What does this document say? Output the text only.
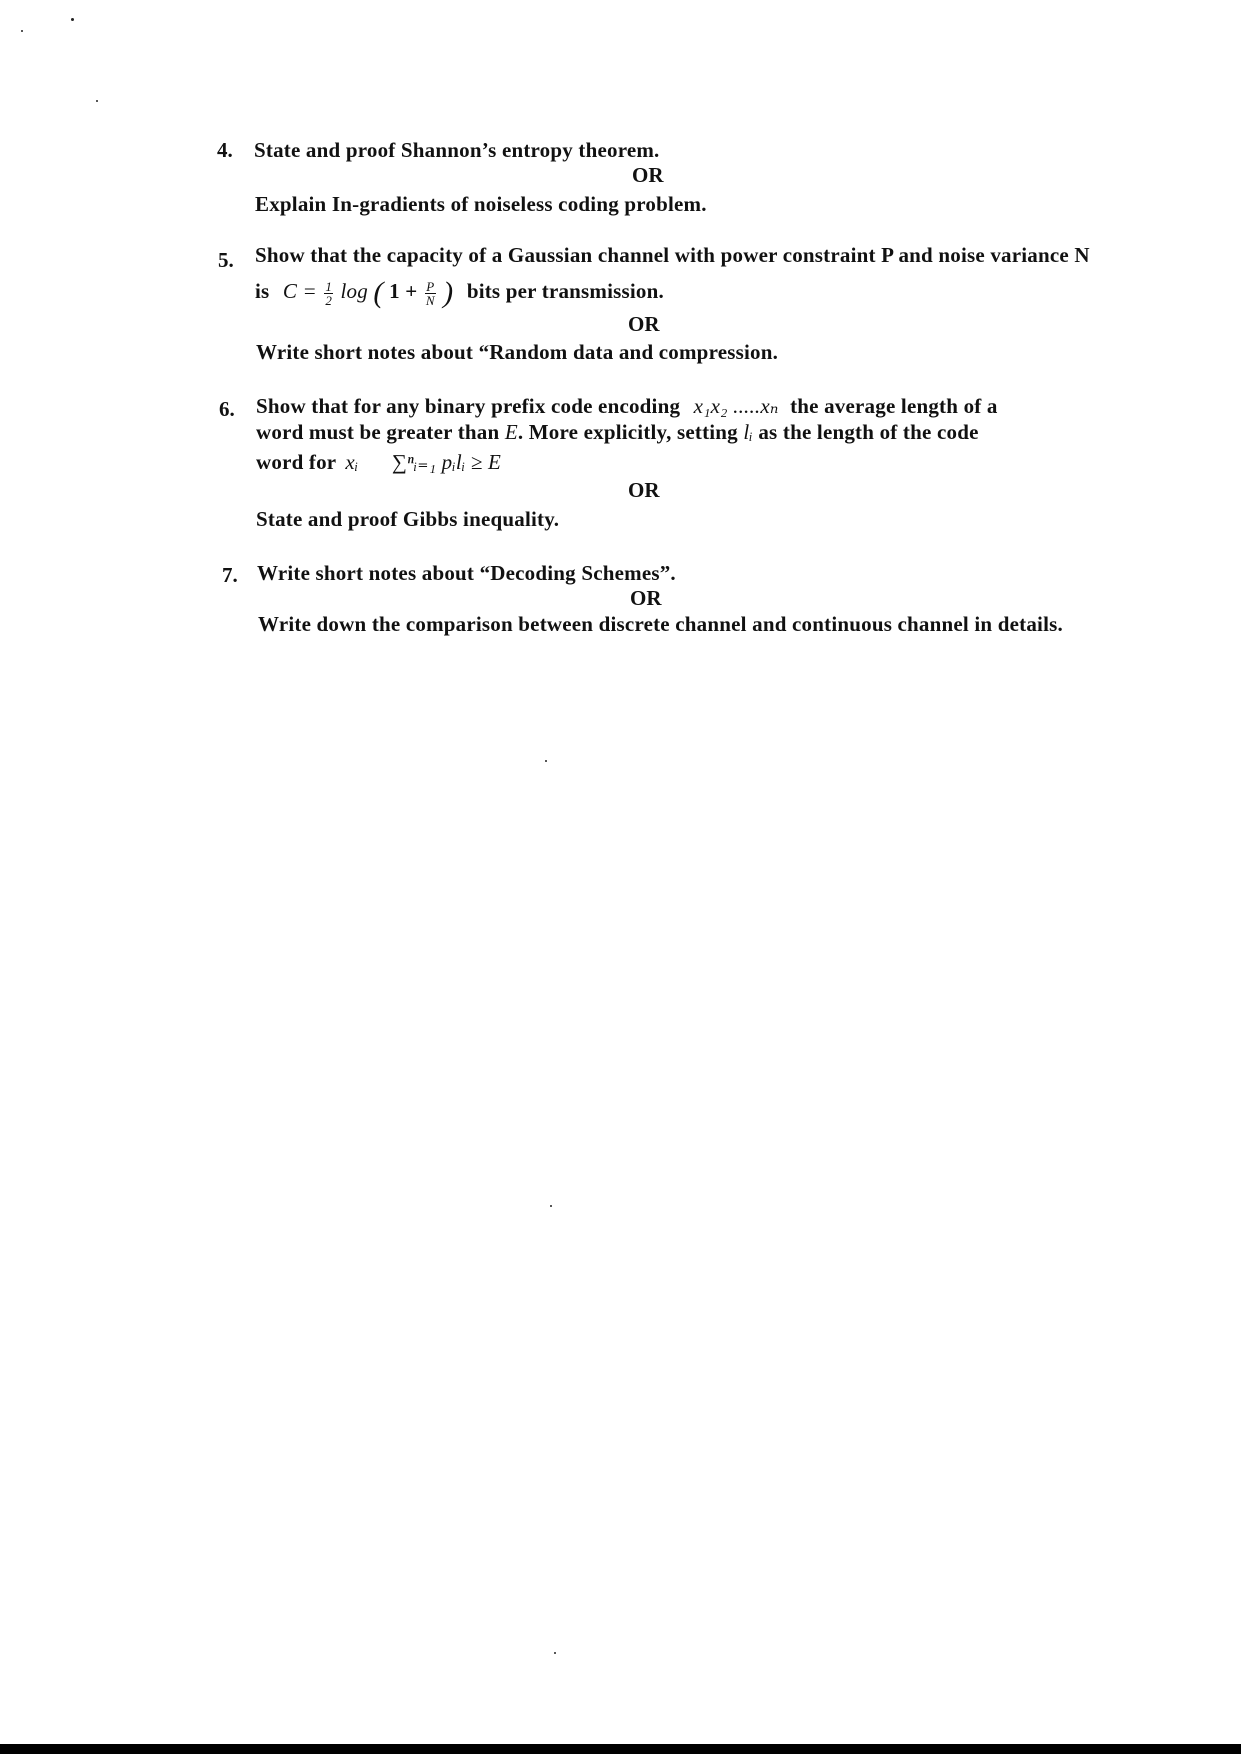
4. State and proof Shannon’s entropy theorem.
OR
Explain In-gradients of noiseless coding problem.
5. Show that the capacity of a Gaussian channel with power constraint P and noise variance N
is $C = \frac{1}{2}$ log ( $1 + \frac{P}{N}$ ) bits per transmission.
OR
Write short notes about “Random data and compression.
6. Show that for any binary prefix code encoding x₁x₂ .....xₙ the average length of a
word must be greater than E. More explicitly, setting lᵢ as the length of the code
word for xᵢ ∑ⁿᵢ₌₁ pᵢlᵢ ≥ E
OR
State and proof Gibbs inequality.
7. Write short notes about “Decoding Schemes”.
OR
Write down the comparison between discrete channel and continuous channel in details.
